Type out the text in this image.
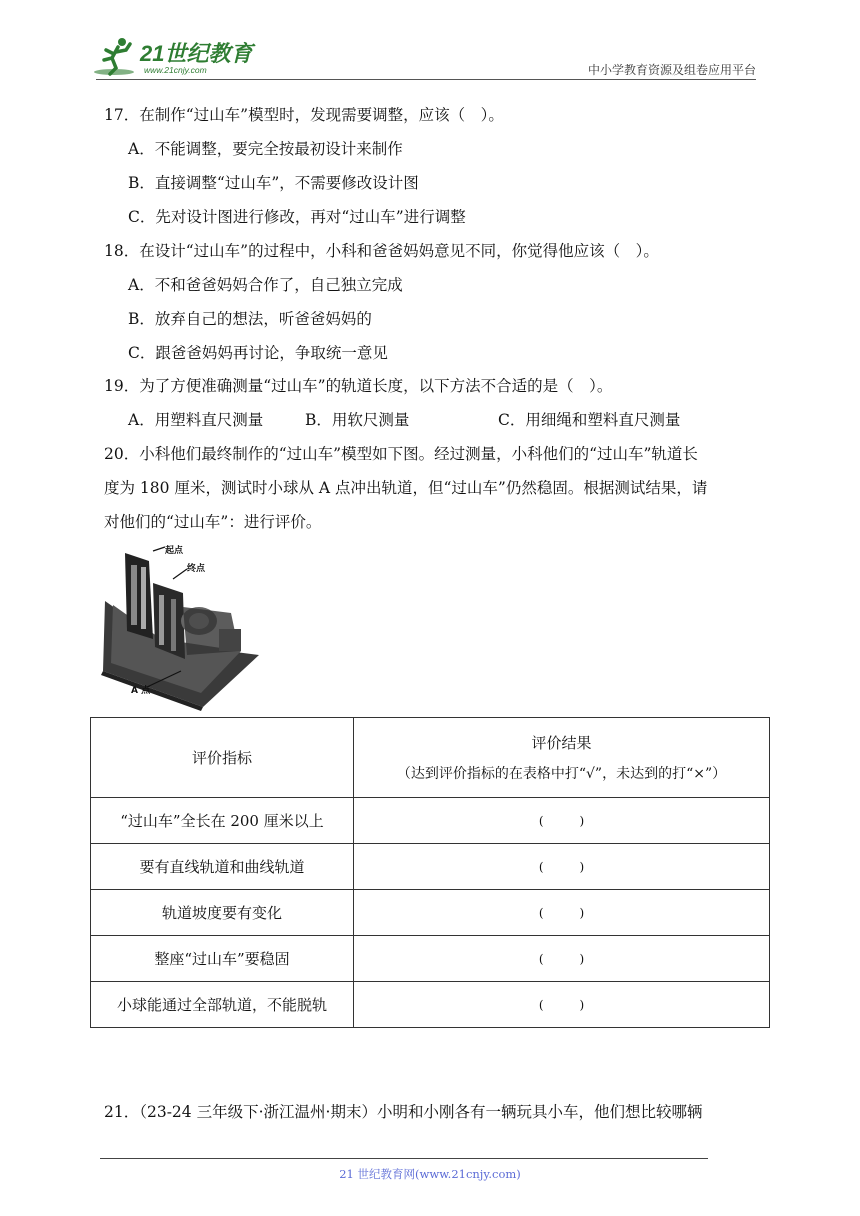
21世纪教育
www.21cnjy.com	中小学教育资源及组卷应用平台
17．在制作“过山车”模型时，发现需要调整，应该（　）。
A．不能调整，要完全按最初设计来制作
B．直接调整“过山车”，不需要修改设计图
C．先对设计图进行修改，再对“过山车”进行调整
18．在设计“过山车”的过程中，小科和爸爸妈妈意见不同，你觉得他应该（　）。
A．不和爸爸妈妈合作了，自己独立完成
B．放弃自己的想法，听爸爸妈妈的
C．跟爸爸妈妈再讨论，争取统一意见
19．为了方便准确测量“过山车”的轨道长度，以下方法不合适的是（　）。
A．用塑料直尺测量	B．用软尺测量	C．用细绳和塑料直尺测量
20．小科他们最终制作的“过山车”模型如下图。经过测量，小科他们的“过山车”轨道长
度为 180 厘米，测试时小球从 A 点冲出轨道，但“过山车”仍然稳固。根据测试结果，请
对他们的“过山车”：进行评价。
起点
终点
A 点
评价指标	评价结果
（达到评价指标的在表格中打“√”，未达到的打“×”）

“过山车”全长在 200 厘米以上	(　　　)
要有直线轨道和曲线轨道	(　　　)
轨道坡度要有变化	(　　　)
整座“过山车”要稳固	(　　　)
小球能通过全部轨道，不能脱轨	(　　　)
21．（23-24 三年级下·浙江温州·期末）小明和小刚各有一辆玩具小车，他们想比较哪辆
21 世纪教育网(www.21cnjy.com)
